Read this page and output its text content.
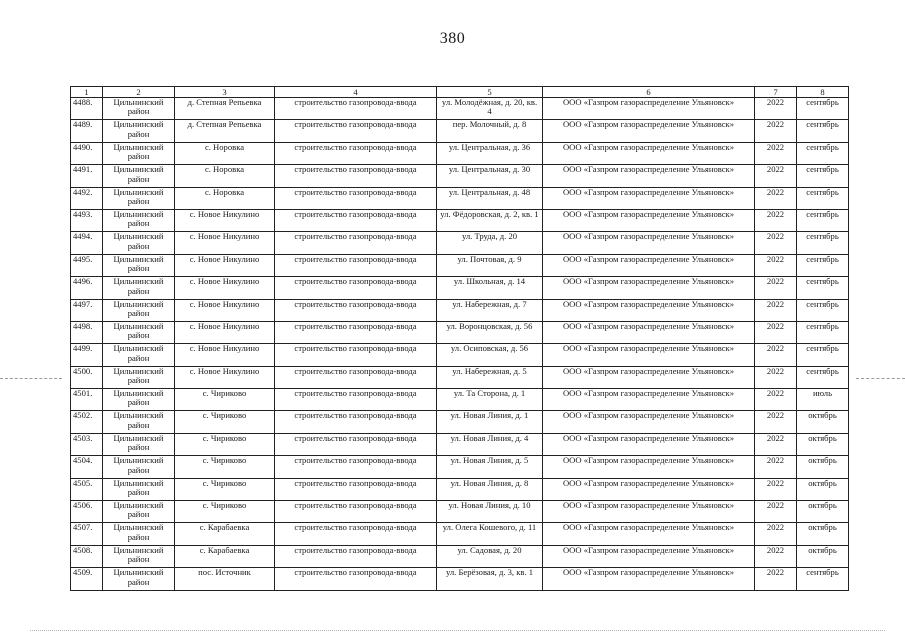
380
1	2	3	4	5	6	7	8
4488.	Цильнинский район	д. Степная Репьевка	строительство газопровода-ввода	ул. Молодёжная, д. 20, кв. 4	ООО «Газпром газораспределение Ульяновск»	2022	сентябрь
4489.	Цильнинский район	д. Степная Репьевка	строительство газопровода-ввода	пер. Молочный, д. 8	ООО «Газпром газораспределение Ульяновск»	2022	сентябрь
4490.	Цильнинский район	с. Норовка	строительство газопровода-ввода	ул. Центральная, д. 36	ООО «Газпром газораспределение Ульяновск»	2022	сентябрь
4491.	Цильнинский район	с. Норовка	строительство газопровода-ввода	ул. Центральная, д. 30	ООО «Газпром газораспределение Ульяновск»	2022	сентябрь
4492.	Цильнинский район	с. Норовка	строительство газопровода-ввода	ул. Центральная, д. 48	ООО «Газпром газораспределение Ульяновск»	2022	сентябрь
4493.	Цильнинский район	с. Новое Никулино	строительство газопровода-ввода	ул. Фёдоровская, д. 2, кв. 1	ООО «Газпром газораспределение Ульяновск»	2022	сентябрь
4494.	Цильнинский район	с. Новое Никулино	строительство газопровода-ввода	ул. Труда, д. 20	ООО «Газпром газораспределение Ульяновск»	2022	сентябрь
4495.	Цильнинский район	с. Новое Никулино	строительство газопровода-ввода	ул. Почтовая, д. 9	ООО «Газпром газораспределение Ульяновск»	2022	сентябрь
4496.	Цильнинский район	с. Новое Никулино	строительство газопровода-ввода	ул. Школьная, д. 14	ООО «Газпром газораспределение Ульяновск»	2022	сентябрь
4497.	Цильнинский район	с. Новое Никулино	строительство газопровода-ввода	ул. Набережная, д. 7	ООО «Газпром газораспределение Ульяновск»	2022	сентябрь
4498.	Цильнинский район	с. Новое Никулино	строительство газопровода-ввода	ул. Воронцовская, д. 56	ООО «Газпром газораспределение Ульяновск»	2022	сентябрь
4499.	Цильнинский район	с. Новое Никулино	строительство газопровода-ввода	ул. Осиповская, д. 56	ООО «Газпром газораспределение Ульяновск»	2022	сентябрь
4500.	Цильнинский район	с. Новое Никулино	строительство газопровода-ввода	ул. Набережная, д. 5	ООО «Газпром газораспределение Ульяновск»	2022	сентябрь
4501.	Цильнинский район	с. Чириково	строительство газопровода-ввода	ул. Та Сторона, д. 1	ООО «Газпром газораспределение Ульяновск»	2022	июль
4502.	Цильнинский район	с. Чириково	строительство газопровода-ввода	ул. Новая Линия, д. 1	ООО «Газпром газораспределение Ульяновск»	2022	октябрь
4503.	Цильнинский район	с. Чириково	строительство газопровода-ввода	ул. Новая Линия, д. 4	ООО «Газпром газораспределение Ульяновск»	2022	октябрь
4504.	Цильнинский район	с. Чириково	строительство газопровода-ввода	ул. Новая Линия, д. 5	ООО «Газпром газораспределение Ульяновск»	2022	октябрь
4505.	Цильнинский район	с. Чириково	строительство газопровода-ввода	ул. Новая Линия, д. 8	ООО «Газпром газораспределение Ульяновск»	2022	октябрь
4506.	Цильнинский район	с. Чириково	строительство газопровода-ввода	ул. Новая Линия, д. 10	ООО «Газпром газораспределение Ульяновск»	2022	октябрь
4507.	Цильнинский район	с. Карабаевка	строительство газопровода-ввода	ул. Олега Кошевого, д. 11	ООО «Газпром газораспределение Ульяновск»	2022	октябрь
4508.	Цильнинский район	с. Карабаевка	строительство газопровода-ввода	ул. Садовая, д. 20	ООО «Газпром газораспределение Ульяновск»	2022	октябрь
4509.	Цильнинский район	пос. Источник	строительство газопровода-ввода	ул. Берёзовая, д. 3, кв. 1	ООО «Газпром газораспределение Ульяновск»	2022	сентябрь
